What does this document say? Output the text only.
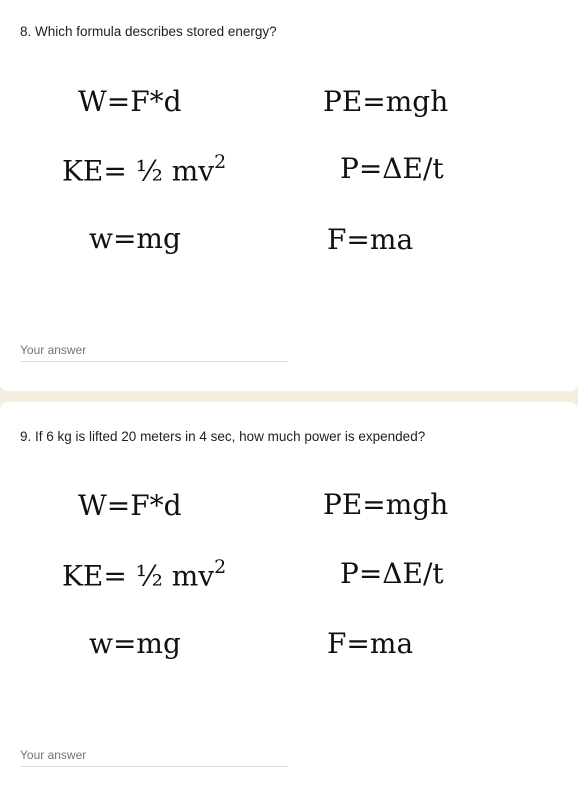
8. Which formula describes stored energy?

W=F*d	PE=mgh
KE= ½ $mv^2$	P=ΔE/t
w=mg	F=ma
Your answer

9. If 6 kg is lifted 20 meters in 4 sec, how much power is expended?

W=F*d	PE=mgh
KE= ½ $mv^2$	P=ΔE/t
w=mg	F=ma
Your answer
